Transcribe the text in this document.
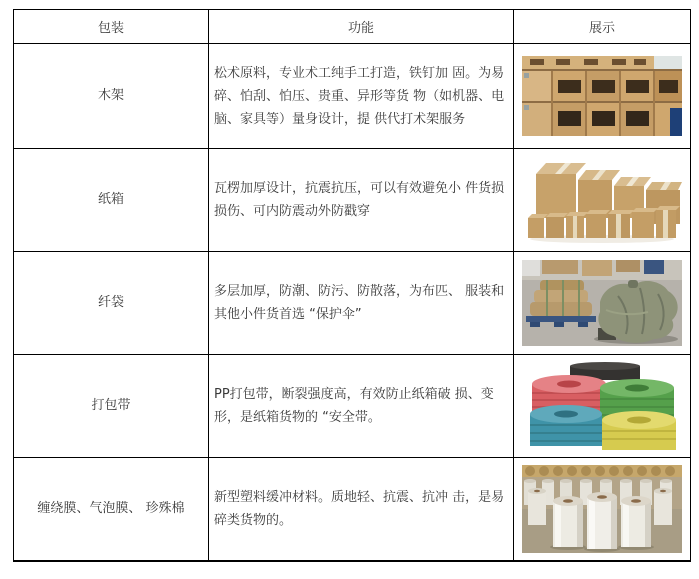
包装	功能	展示
木架	松术原料，专业术工纯手工打造，铁钉加 固。为易碎、怕刮、怕压、贵重、异形等货 物（如机器、电脑、家具等）量身设计，提 供代打术架服务	

纸箱	瓦楞加厚设计，抗震抗压，可以有效避免小 件货损损伤、可内防震动外防戳穿	

纤袋	多层加厚，防潮、防污、防散落，为布匹、 服装和其他小件货首选 “保护伞”	

打包带	PP打包带，断裂强度高，有效防止纸箱破 损、变形，是纸箱货物的 “安全带。	

缠绕膜、气泡膜、 珍殊棉	新型塑料缓冲材料。质地轻、抗震、抗冲 击，是易碎类货物的。	
